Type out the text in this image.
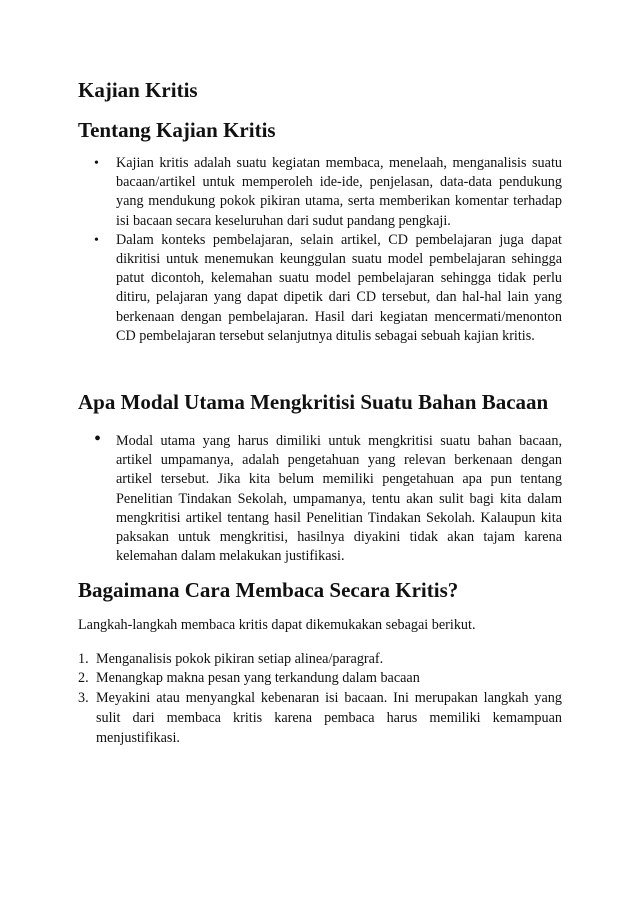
Kajian Kritis
Tentang Kajian Kritis
• Kajian kritis adalah suatu kegiatan membaca, menelaah, menganalisis suatu bacaan/artikel untuk memperoleh ide-ide, penjelasan, data-data pendukung yang mendukung pokok pikiran utama, serta memberikan komentar terhadap isi bacaan secara keseluruhan dari sudut pandang pengkaji.
• Dalam konteks pembelajaran, selain artikel, CD pembelajaran juga dapat dikritisi untuk menemukan keunggulan suatu model pembelajaran sehingga patut dicontoh, kelemahan suatu model pembelajaran sehingga tidak perlu ditiru, pelajaran yang dapat dipetik dari CD tersebut, dan hal-hal lain yang berkenaan dengan pembelajaran. Hasil dari kegiatan mencermati/menonton CD pembelajaran tersebut selanjutnya ditulis sebagai sebuah kajian kritis.
Apa Modal Utama Mengkritisi Suatu Bahan Bacaan
• Modal utama yang harus dimiliki untuk mengkritisi suatu bahan bacaan, artikel umpamanya, adalah pengetahuan yang relevan berkenaan dengan artikel tersebut. Jika kita belum memiliki pengetahuan apa pun tentang Penelitian Tindakan Sekolah, umpamanya, tentu akan sulit bagi kita dalam mengkritisi artikel tentang hasil Penelitian Tindakan Sekolah. Kalaupun kita paksakan untuk mengkritisi, hasilnya diyakini tidak akan tajam karena kelemahan dalam melakukan justifikasi.
Bagaimana Cara Membaca Secara Kritis?

Langkah-langkah membaca kritis dapat dikemukakan sebagai berikut.

1. Menganalisis pokok pikiran setiap alinea/paragraf.
2. Menangkap makna pesan yang terkandung dalam bacaan
3. Meyakini atau menyangkal kebenaran isi bacaan. Ini merupakan langkah yang sulit dari membaca kritis karena pembaca harus memiliki kemampuan menjustifikasi.
